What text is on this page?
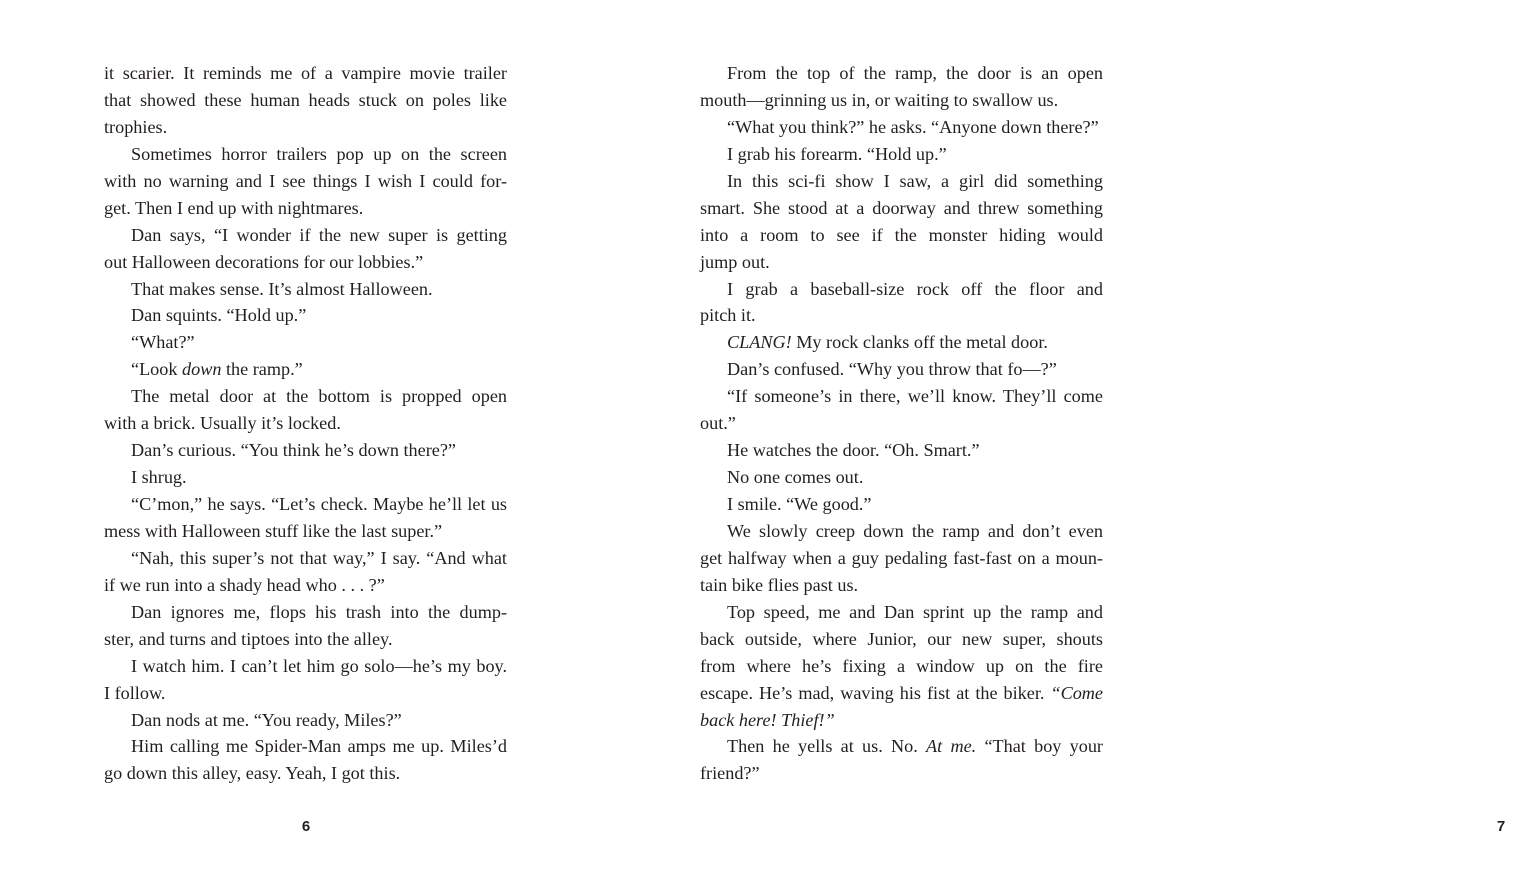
it scarier. It reminds me of a vampire movie trailer
that showed these human heads stuck on poles like
trophies.
Sometimes horror trailers pop up on the screen
with no warning and I see things I wish I could for-
get. Then I end up with nightmares.
Dan says, “I wonder if the new super is getting
out Halloween decorations for our lobbies.”
That makes sense. It’s almost Halloween.
Dan squints. “Hold up.”
“What?”
“Look down the ramp.”
The metal door at the bottom is propped open
with a brick. Usually it’s locked.
Dan’s curious. “You think he’s down there?”
I shrug.
“C’mon,” he says. “Let’s check. Maybe he’ll let us
mess with Halloween stuff like the last super.”
“Nah, this super’s not that way,” I say. “And what
if we run into a shady head who . . . ?”
Dan ignores me, flops his trash into the dump-
ster, and turns and tiptoes into the alley.
I watch him. I can’t let him go solo—he’s my boy.
I follow.
Dan nods at me. “You ready, Miles?”
Him calling me Spider-Man amps me up. Miles’d
go down this alley, easy. Yeah, I got this.
6
From the top of the ramp, the door is an open
mouth—grinning us in, or waiting to swallow us.
“What you think?” he asks. “Anyone down there?”
I grab his forearm. “Hold up.”
In this sci-fi show I saw, a girl did something
smart. She stood at a doorway and threw something
into a room to see if the monster hiding would
jump out.
I grab a baseball-size rock off the floor and
pitch it.
CLANG! My rock clanks off the metal door.
Dan’s confused. “Why you throw that fo—?”
“If someone’s in there, we’ll know. They’ll come
out.”
He watches the door. “Oh. Smart.”
No one comes out.
I smile. “We good.”
We slowly creep down the ramp and don’t even
get halfway when a guy pedaling fast-fast on a moun-
tain bike flies past us.
Top speed, me and Dan sprint up the ramp and
back outside, where Junior, our new super, shouts
from where he’s fixing a window up on the fire
escape. He’s mad, waving his fist at the biker. “Come
back here! Thief!”
Then he yells at us. No. At me. “That boy your
friend?”
7
